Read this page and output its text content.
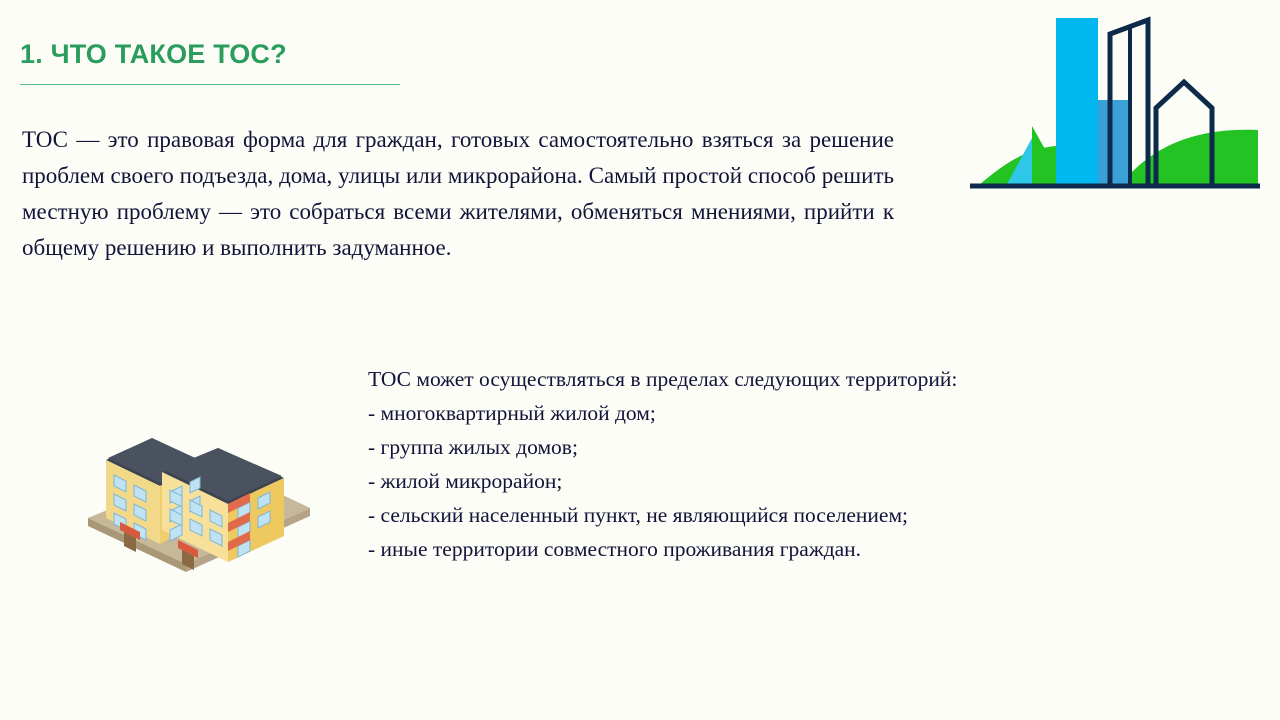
1. ЧТО ТАКОЕ ТОС?
ТОС — это правовая форма для граждан, готовых самостоятельно взяться за решение проблем своего подъезда, дома, улицы или микрорайона. Самый простой способ решить местную проблему — это собраться всеми жителями, обменяться мнениями, прийти к общему решению и выполнить задуманное.

ТОС может осуществляться в пределах следующих территорий:

- многоквартирный жилой дом;
- группа жилых домов;
- жилой микрорайон;
- сельский населенный пункт, не являющийся поселением;
- иные территории совместного проживания граждан.
